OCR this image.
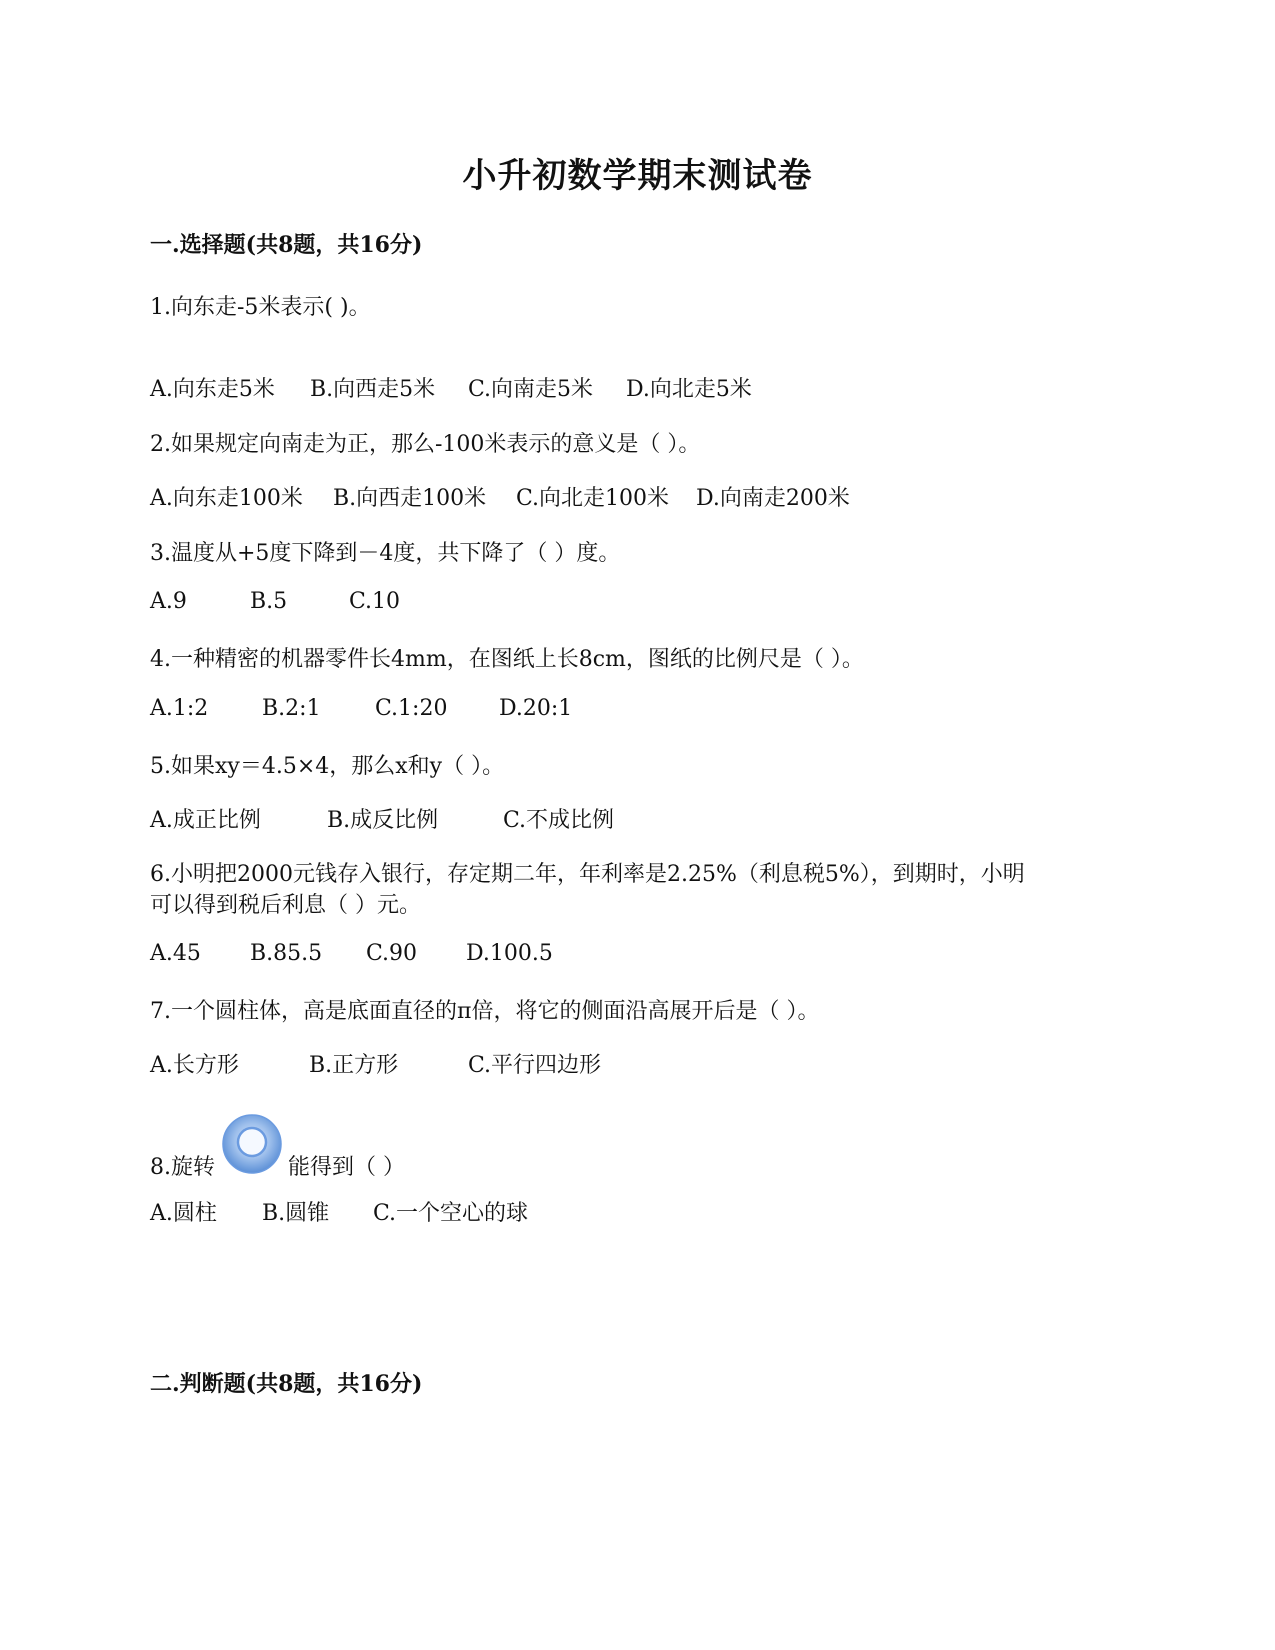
小升初数学期末测试卷
一.选择题(共8题，共16分)
1.向东走-5米表示( )。
A.向东走5米 B.向西走5米 C.向南走5米 D.向北走5米
2.如果规定向南走为正，那么-100米表示的意义是（ ）。
A.向东走100米 B.向西走100米 C.向北走100米 D.向南走200米
3.温度从+5度下降到－4度，共下降了（ ）度。
A.9	B.5	C.10
4.一种精密的机器零件长4mm，在图纸上长8cm，图纸的比例尺是（ ）。
A.1:2 B.2:1 C.1:20 D.20:1
5.如果xy＝4.5×4，那么x和y（ ）。
A.成正比例	B.成反比例	C.不成比例
6.小明把2000元钱存入银行，存定期二年，年利率是2.25%（利息税5%），到期时，小明
可以得到税后利息（ ）元。
A.45 B.85.5 C.90 D.100.5
7.一个圆柱体，高是底面直径的π倍，将它的侧面沿高展开后是（ ）。
A.长方形	B.正方形	C.平行四边形
8.旋转	能得到（ ）
A.圆柱 B.圆锥 C.一个空心的球
二.判断题(共8题，共16分)
